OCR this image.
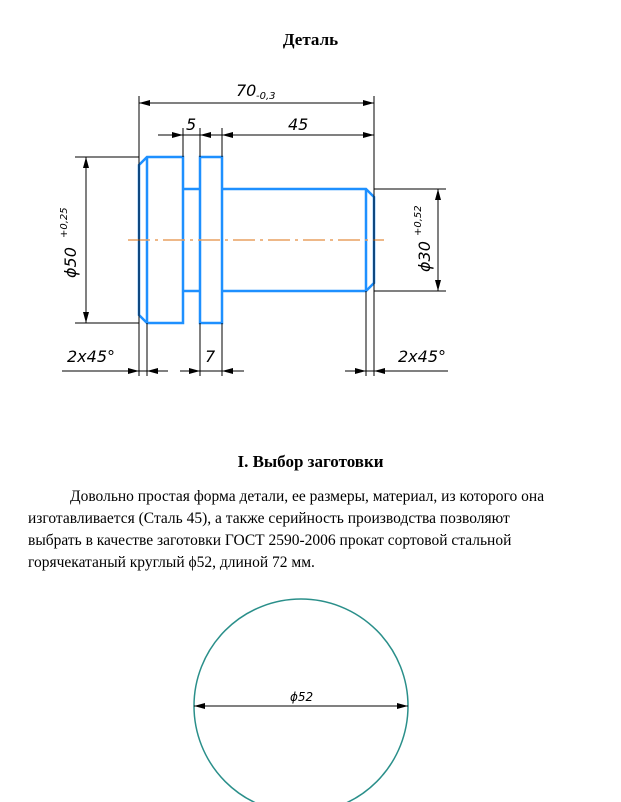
Деталь
70 -0,3
5	45
7
2x45°	2x45°
ϕ50
+0,25
ϕ30
+0,52
ϕ52
I. Выбор заготовки
Довольно простая форма детали, ее размеры, материал, из которого она
изготавливается (Сталь 45), а также серийность производства позволяют
выбрать в качестве заготовки ГОСТ 2590-2006 прокат сортовой стальной
горячекатаный круглый ϕ52, длиной 72 мм.
